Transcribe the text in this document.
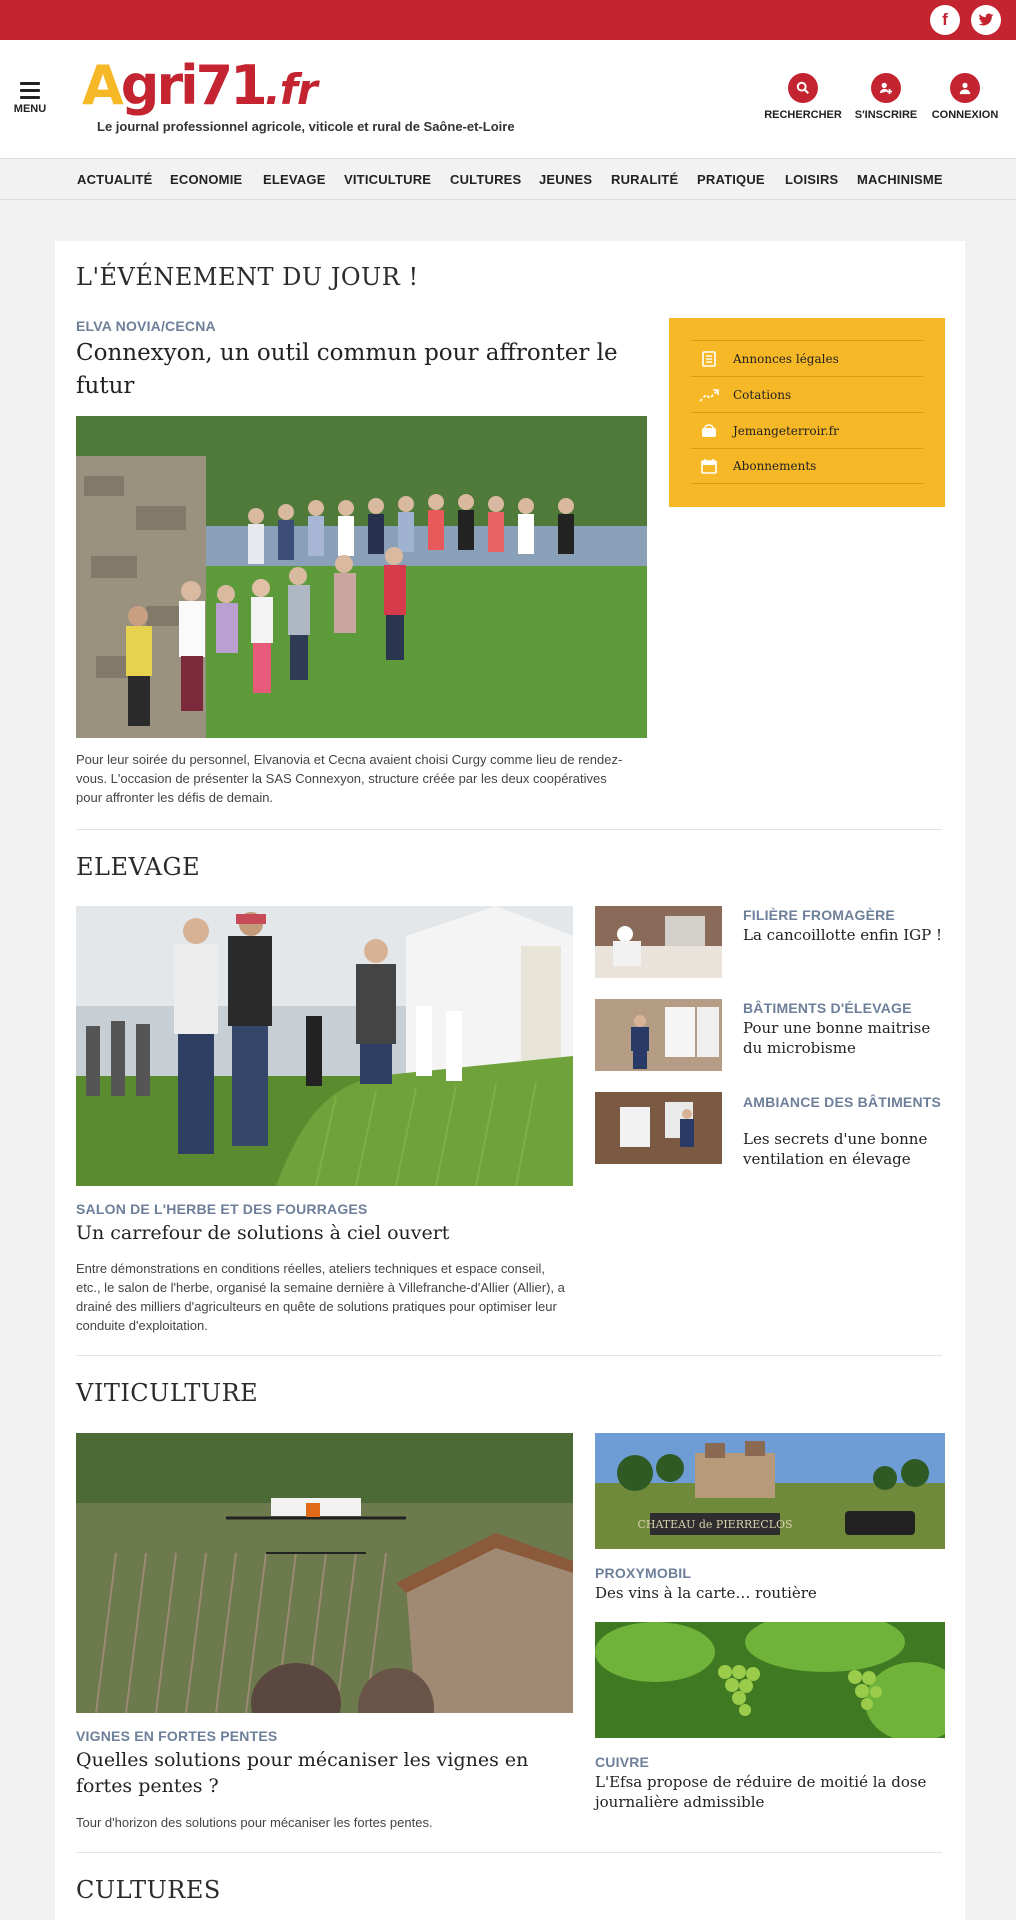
f
MENU Agri71.fr
Le journal professionnel agricole, viticole et rural de Saône-et-Loire
RECHERCHER	S'INSCRIRE	CONNEXION
ACTUALITÉ ECONOMIE ELEVAGE VITICULTURE CULTURES JEUNES RURALITÉ PRATIQUE LOISIRS MACHINISME
L'ÉVÉNEMENT DU JOUR !
ELVA NOVIA/CECNA
Connexyon, un outil commun pour affronter le futur
Pour leur soirée du personnel, Elvanovia et Cecna avaient choisi Curgy comme lieu de rendez-vous. L'occasion de présenter la SAS Connexyon, structure créée par les deux coopératives pour affronter les défis de demain.
Annonces légales
Cotations
Jemangeterroir.fr
Abonnements
ELEVAGE
SALON DE L'HERBE ET DES FOURRAGES
Un carrefour de solutions à ciel ouvert
Entre démonstrations en conditions réelles, ateliers techniques et espace conseil, etc., le salon de l'herbe, organisé la semaine dernière à Villefranche-d'Allier (Allier), a drainé des milliers d'agriculteurs en quête de solutions pratiques pour optimiser leur conduite d'exploitation.
FILIÈRE FROMAGÈRE
La cancoillotte enfin IGP !
BÂTIMENTS D'ÉLEVAGE
Pour une bonne maitrise du microbisme
AMBIANCE DES BÂTIMENTS
Les secrets d'une bonne ventilation en élevage
VITICULTURE
VIGNES EN FORTES PENTES
Quelles solutions pour mécaniser les vignes en fortes pentes ?
Tour d'horizon des solutions pour mécaniser les fortes pentes.
CHATEAU de PIERRECLOS
PROXYMOBIL
Des vins à la carte… routière
CUIVRE
L'Efsa propose de réduire de moitié la dose journalière admissible
CULTURES
